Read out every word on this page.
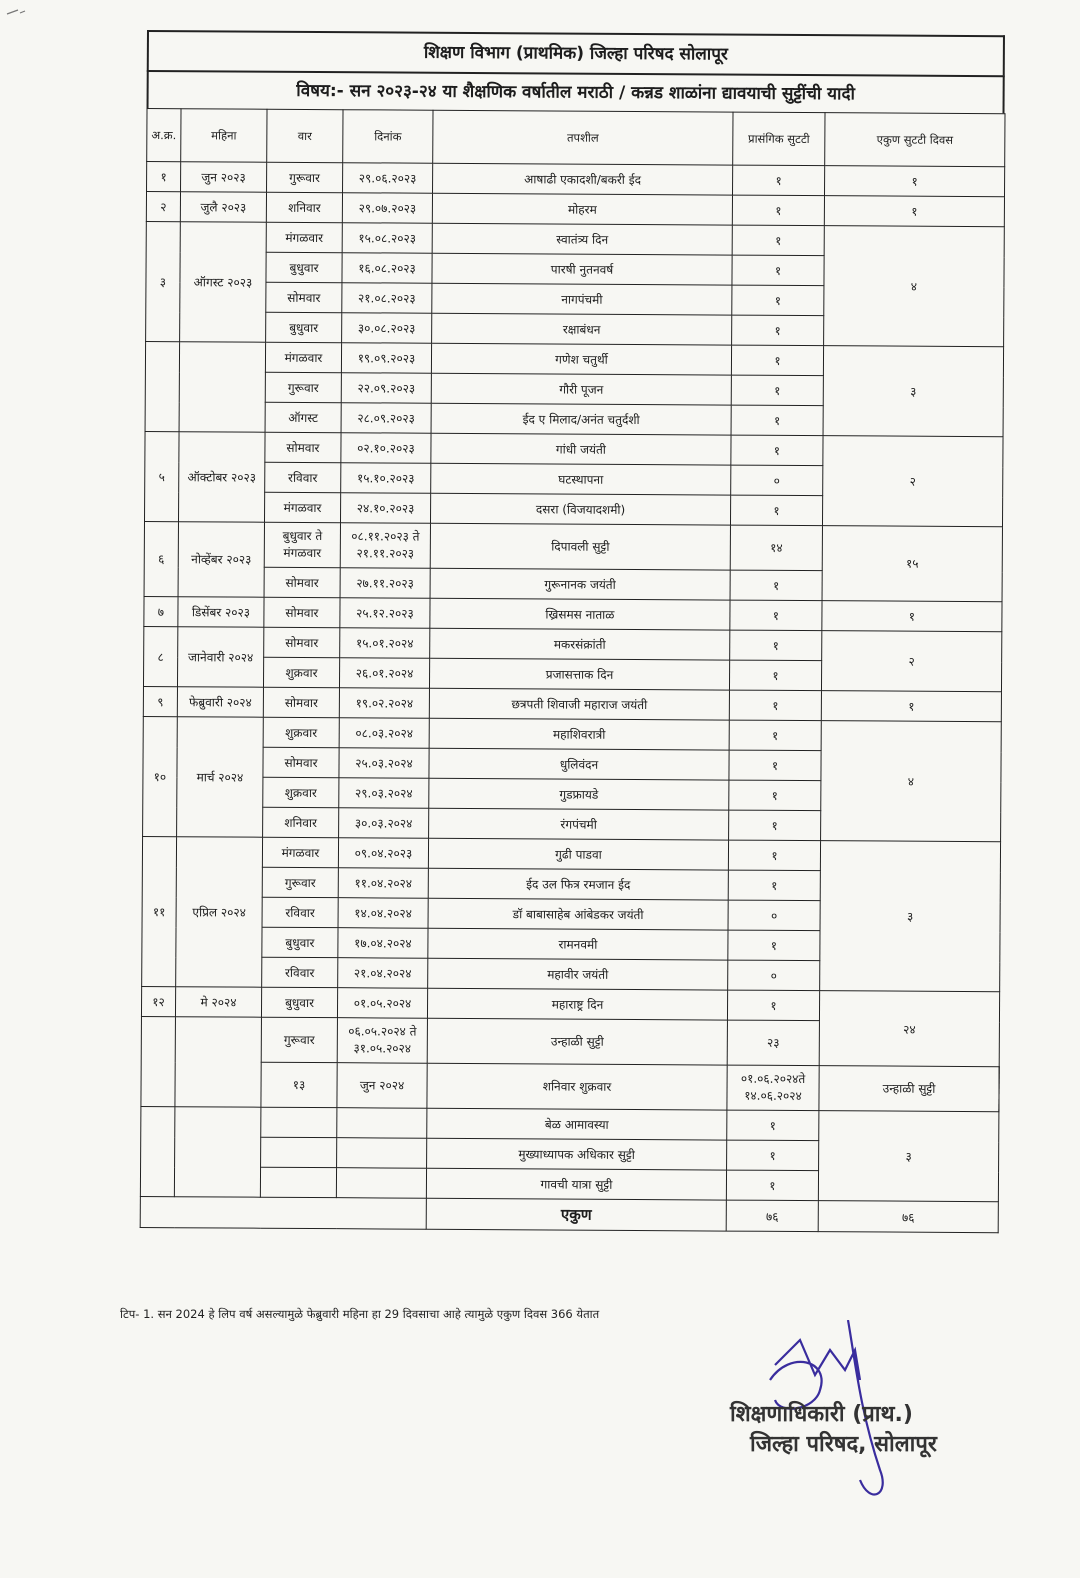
शिक्षण विभाग (प्राथमिक) जिल्हा परिषद सोलापूर
विषय:- सन २०२३-२४ या शैक्षणिक वर्षातील मराठी / कन्नड शाळांना द्यावयाची सुट्टींची यादी
अ.क्र.	महिना	वार	दिनांक	तपशील	प्रासंगिक सुटटी	एकुण सुटटी दिवस	
१	जुन २०२३	गुरूवार	२९.०६.२०२३	आषाढी एकादशी/बकरी ईद	१	१	
२	जुलै २०२३	शनिवार	२९.०७.२०२३	मोहरम	१	१	
३	ऑगस्ट २०२३	मंगळवार	१५.०८.२०२३	स्वातंत्र्य दिन	१	४	
		बुधुवार	१६.०८.२०२३	पारषी नुतनवर्ष	१		
		सोमवार	२१.०८.२०२३	नागपंचमी	१		
		बुधुवार	३०.०८.२०२३	रक्षाबंधन	१		
		मंगळवार	१९.०९.२०२३	गणेश चतुर्थी	१	३	
		गुरूवार	२२.०९.२०२३	गौरी पूजन	१		
		ऑगस्ट	२८.०९.२०२३	ईद ए मिलाद/अनंत चतुर्दशी	१		
५	ऑक्टोबर २०२३	सोमवार	०२.१०.२०२३	गांधी जयंती	१	२	
		रविवार	१५.१०.२०२३	घटस्थापना	०		
		मंगळवार	२४.१०.२०२३	दसरा (विजयादशमी)	१		
६	नोव्हेंबर २०२३	बुधुवार ते मंगळवार	०८.११.२०२३ ते २१.११.२०२३	दिपावली सुट्टी	१४	१५	
		सोमवार	२७.११.२०२३	गुरूनानक जयंती	१		
७	डिसेंबर २०२३	सोमवार	२५.१२.२०२३	ख्रिसमस नाताळ	१	१	
८	जानेवारी २०२४	सोमवार	१५.०१.२०२४	मकरसंक्रांती	१	२	
		शुक्रवार	२६.०१.२०२४	प्रजासत्ताक दिन	१		
९	फेब्रुवारी २०२४	सोमवार	१९.०२.२०२४	छत्रपती शिवाजी महाराज जयंती	१	१	
१०	मार्च २०२४	शुक्रवार	०८.०३.२०२४	महाशिवरात्री	१	४	
		सोमवार	२५.०३.२०२४	धुलिवंदन	१		
		शुक्रवार	२९.०३.२०२४	गुडफ्रायडे	१		
		शनिवार	३०.०३.२०२४	रंगपंचमी	१		
११	एप्रिल २०२४	मंगळवार	०९.०४.२०२३	गुढी पाडवा	१	३	
		गुरूवार	११.०४.२०२४	ईद उल फित्र रमजान ईद	१		
		रविवार	१४.०४.२०२४	डॉ बाबासाहेब आंबेडकर जयंती	०		
		बुधुवार	१७.०४.२०२४	रामनवमी	१		
		रविवार	२१.०४.२०२४	महावीर जयंती	०		
१२	मे २०२४	बुधुवार	०१.०५.२०२४	महाराष्ट्र दिन	१	२४	
		गुरूवार	०६.०५.२०२४ ते ३१.०५.२०२४	उन्हाळी सुट्टी	२३		
		१३	जुन २०२४	शनिवार शुक्रवार	०१.०६.२०२४ते १४.०६.२०२४	उन्हाळी सुट्टी		
				बेळ आमावस्या	१	३	
				मुख्याध्यापक अधिकार सुट्टी	१		
				गावची यात्रा सुट्टी	१		
				एकुण	७६	७६	
टिप- 1. सन 2024 हे लिप वर्ष असल्यामुळे फेब्रुवारी महिना हा 29 दिवसाचा आहे त्यामुळे एकुण दिवस 366 येतात
शिक्षणाधिकारी (प्राथ.)
जिल्हा परिषद, सोलापूर
